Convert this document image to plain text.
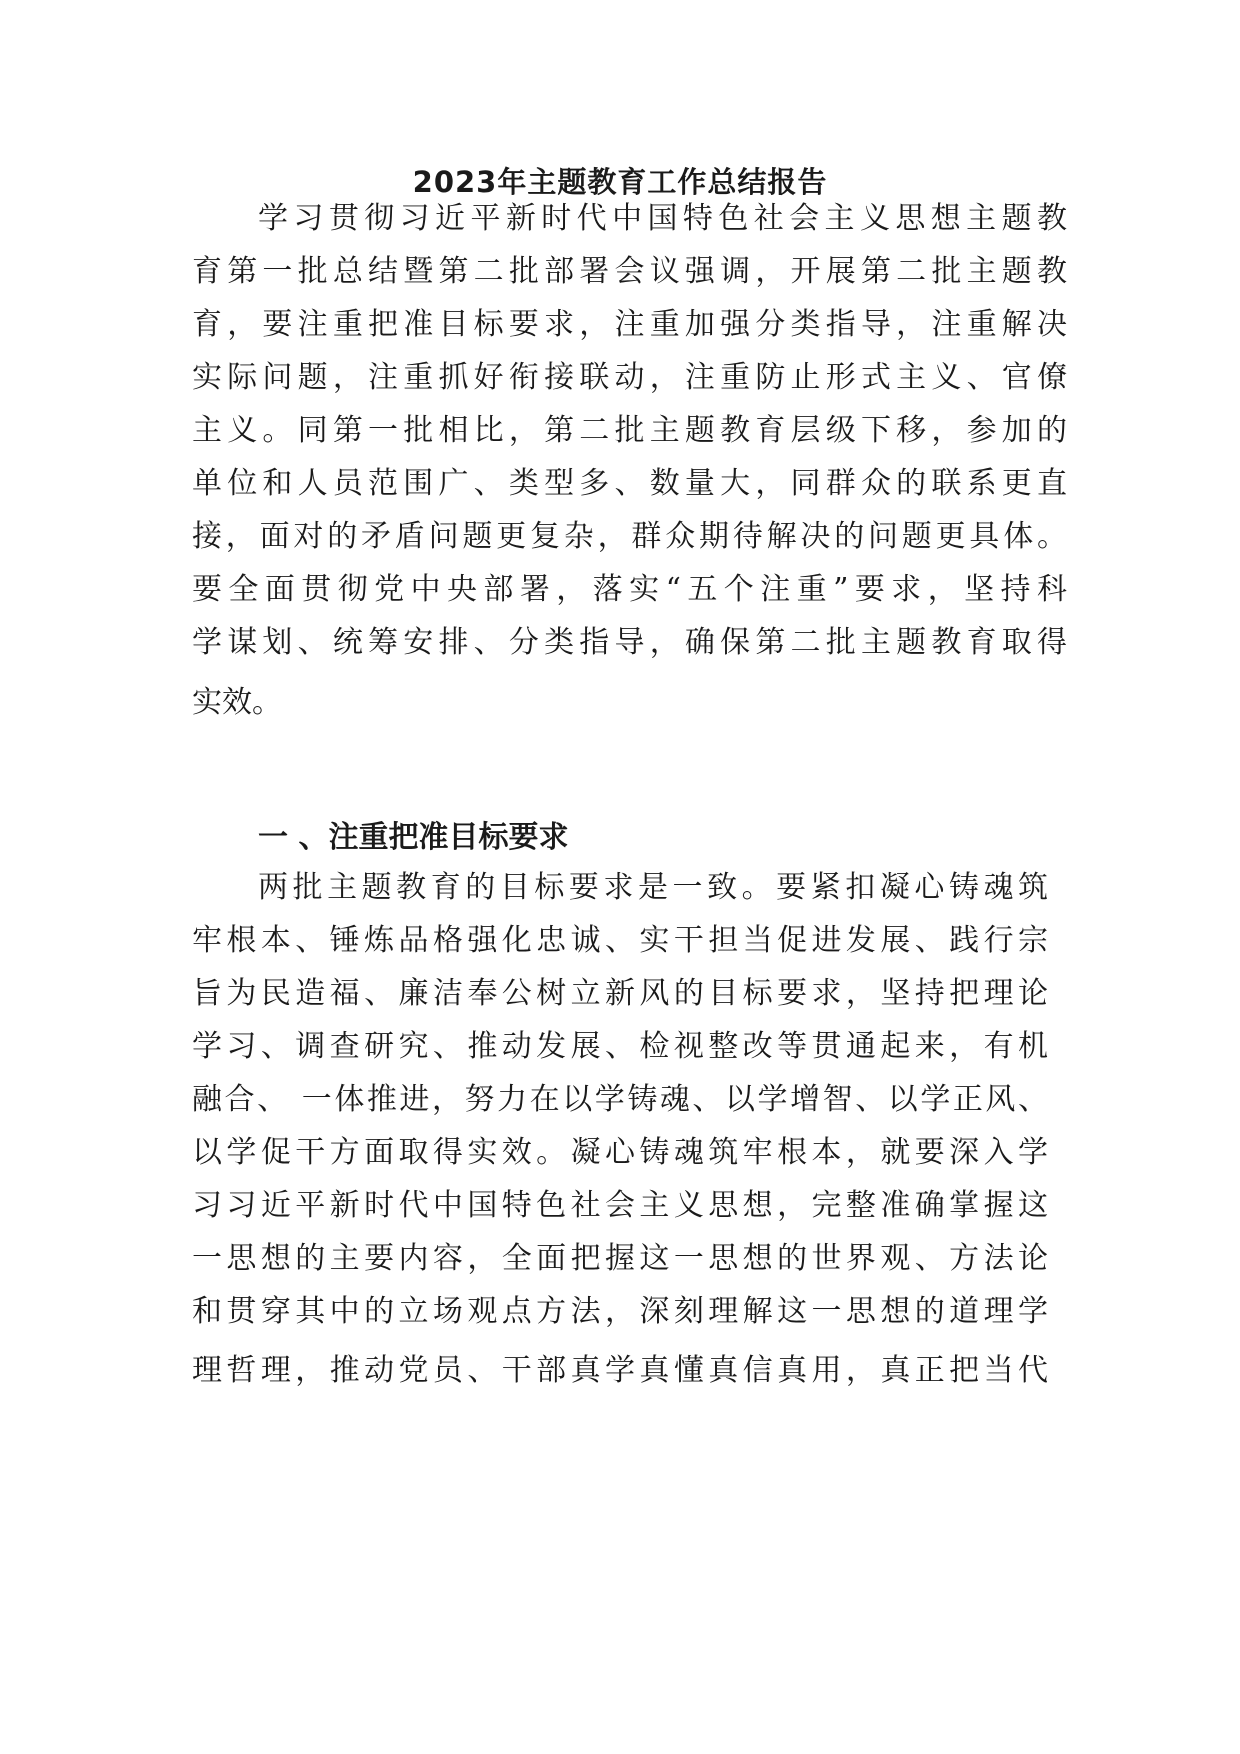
2023年主题教育工作总结报告

学习贯彻习近平新时代中国特色社会主义思想主题教

育第一批总结暨第二批部署会议强调，开展第二批主题教

育，要注重把准目标要求，注重加强分类指导，注重解决

实际问题，注重抓好衔接联动，注重防止形式主义、官僚

主义。同第一批相比，第二批主题教育层级下移，参加的

单位和人员范围广、类型多、数量大，同群众的联系更直

接，面对的矛盾问题更复杂，群众期待解决的问题更具体。

要全面贯彻党中央部署，落实“五个注重”要求，坚持科

学谋划、统筹安排、分类指导，确保第二批主题教育取得

实效。

一 、注重把准目标要求

两批主题教育的目标要求是一致。要紧扣凝心铸魂筑

牢根本、锤炼品格强化忠诚、实干担当促进发展、践行宗

旨为民造福、廉洁奉公树立新风的目标要求，坚持把理论

学习、调查研究、推动发展、检视整改等贯通起来，有机

融合、 一体推进，努力在以学铸魂、以学增智、以学正风、

以学促干方面取得实效。凝心铸魂筑牢根本，就要深入学

习习近平新时代中国特色社会主义思想，完整准确掌握这

一思想的主要内容，全面把握这一思想的世界观、方法论

和贯穿其中的立场观点方法，深刻理解这一思想的道理学

理哲理，推动党员、干部真学真懂真信真用，真正把当代
